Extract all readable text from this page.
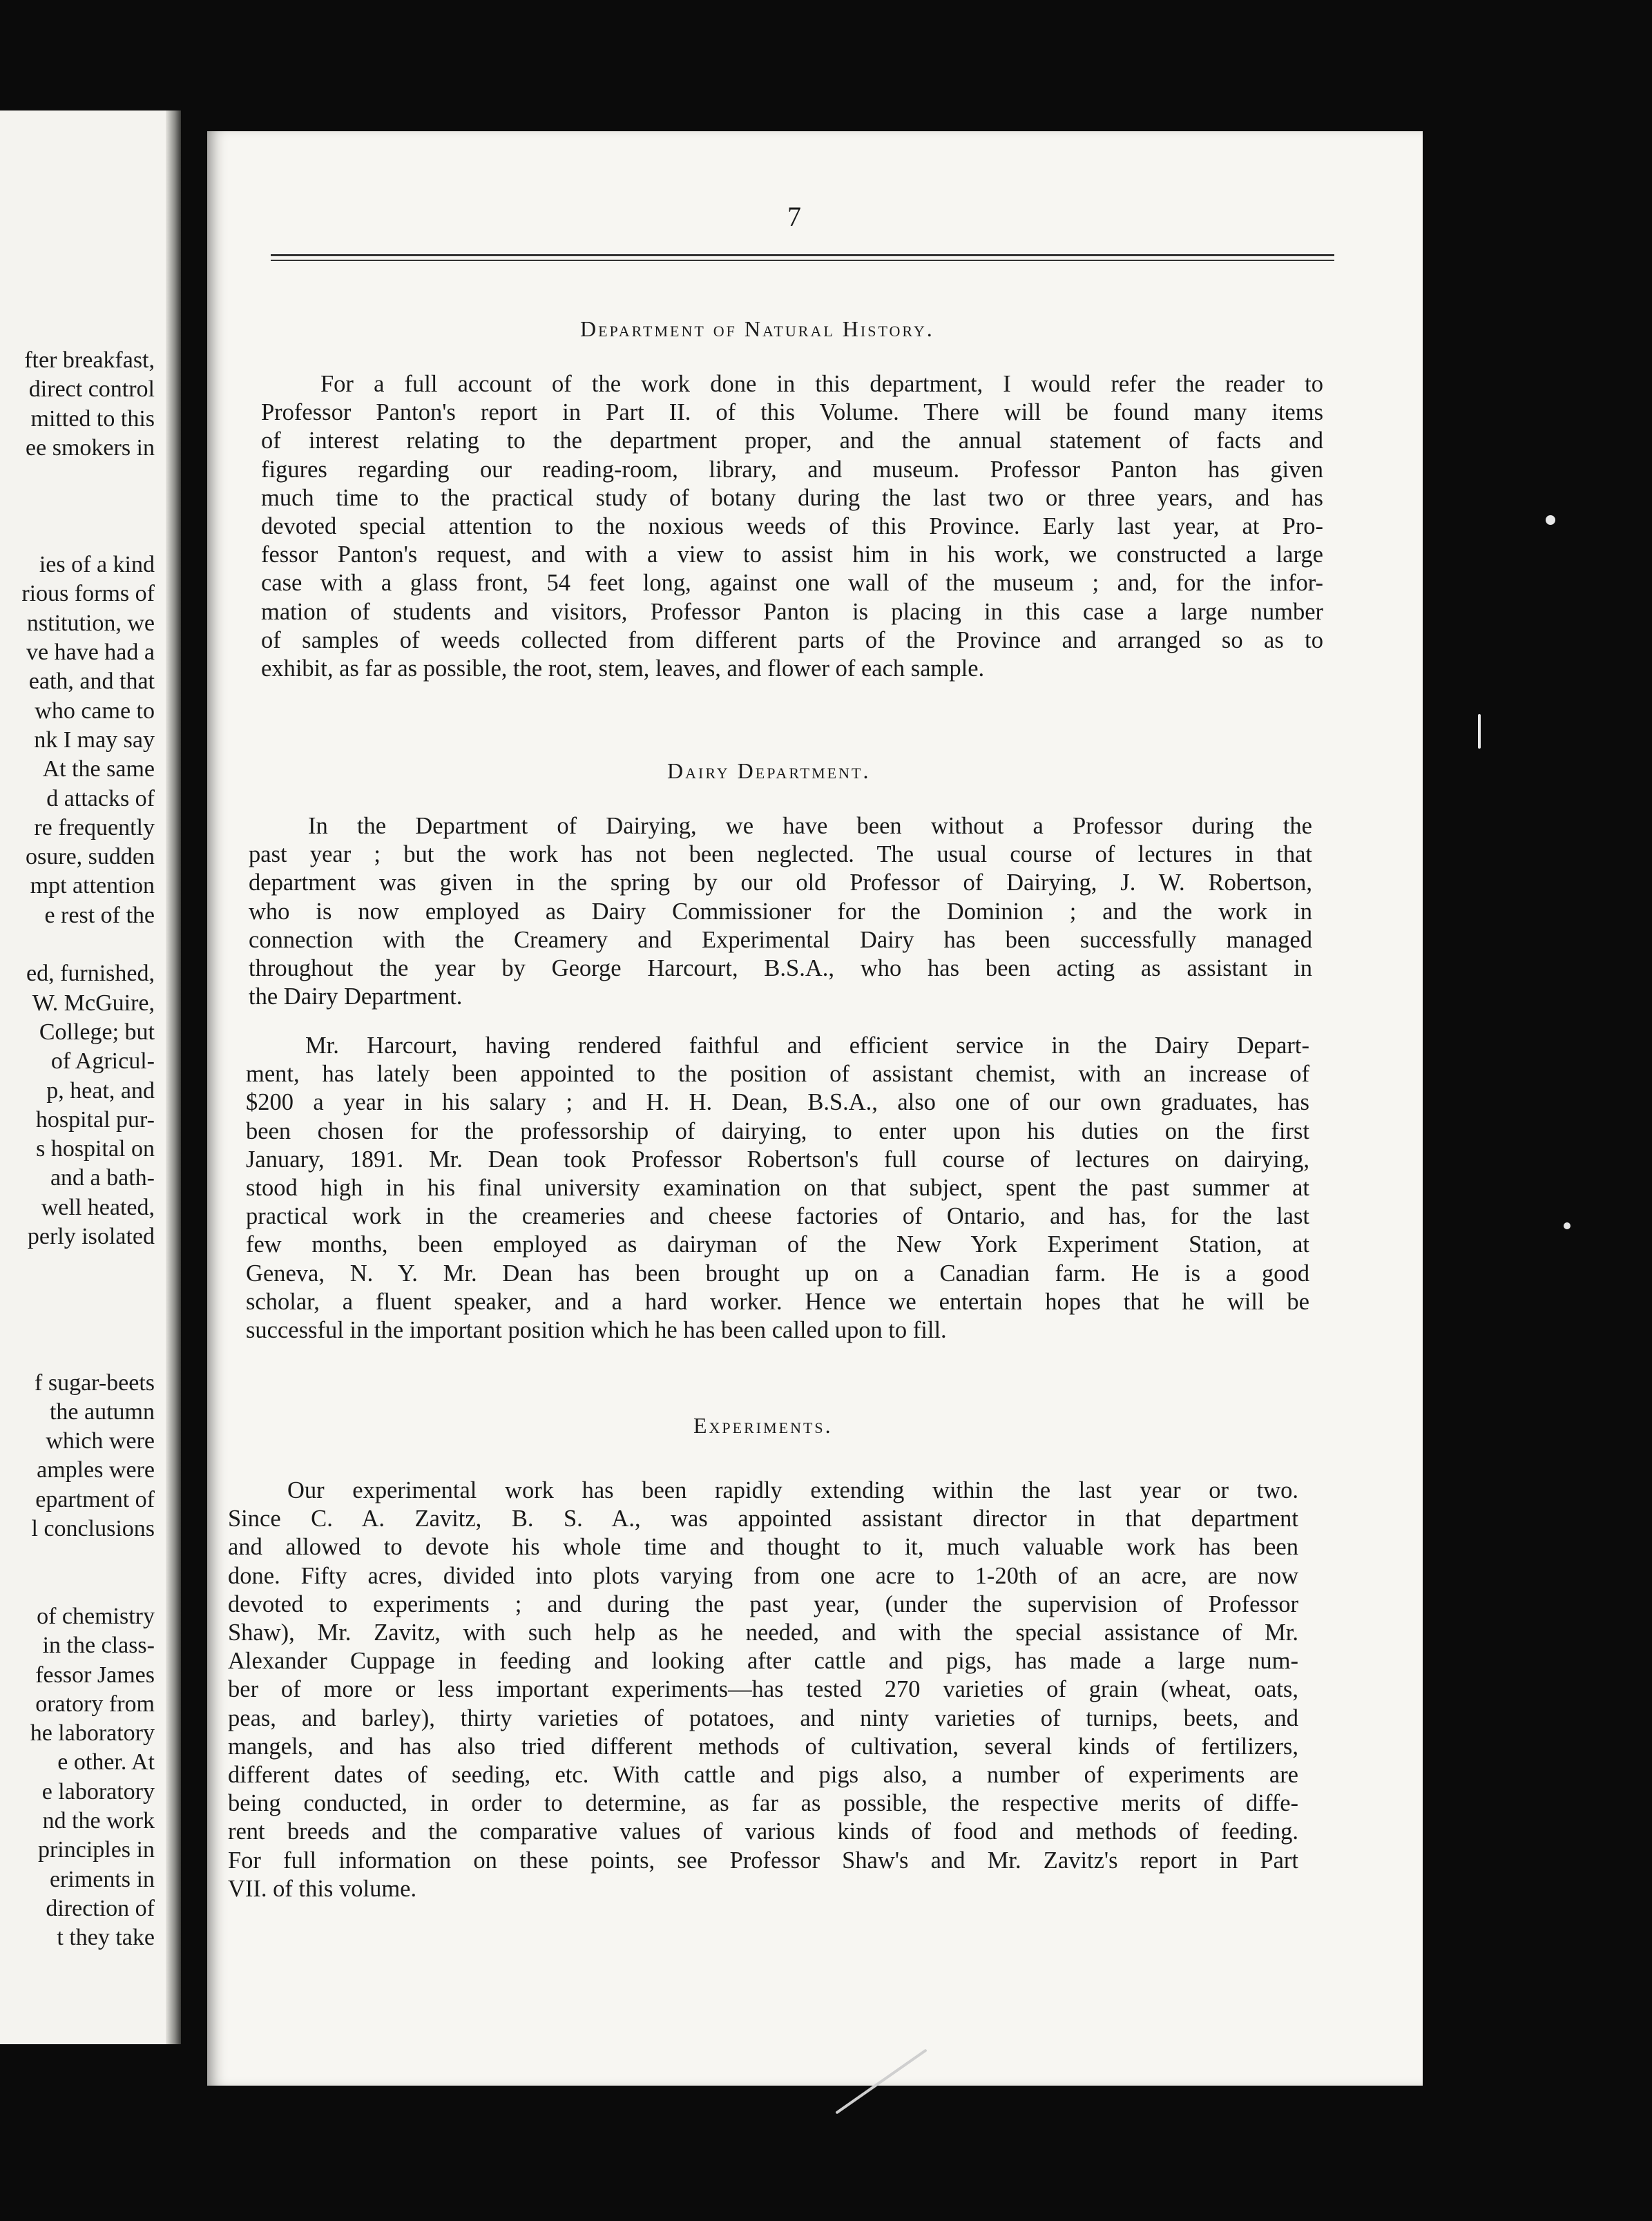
fter breakfast,
direct control
mitted to this
ee smokers in
ies of a kind
rious forms of
nstitution, we
ve have had a
eath, and that
who came to
nk I may say
At the same
d attacks of
re frequently
osure, sudden
mpt attention
e rest of the
ed, furnished,
W. McGuire,
College; but
of Agricul-
p, heat, and
hospital pur-
s hospital on
and a bath-
well heated,
perly isolated
f sugar-beets
the autumn
which were
amples were
epartment of
l conclusions
of chemistry
in the class-
fessor James
oratory from
he laboratory
e other. At
e laboratory
nd the work
principles in
eriments in
direction of
t they take
7
Department of Natural History.
For a full account of the work done in this department, I would refer the reader to
Professor Panton's report in Part II. of this Volume. There will be found many items
of interest relating to the department proper, and the annual statement of facts and
figures regarding our reading-room, library, and museum. Professor Panton has given
much time to the practical study of botany during the last two or three years, and has
devoted special attention to the noxious weeds of this Province. Early last year, at Pro-
fessor Panton's request, and with a view to assist him in his work, we constructed a large
case with a glass front, 54 feet long, against one wall of the museum ; and, for the infor-
mation of students and visitors, Professor Panton is placing in this case a large number
of samples of weeds collected from different parts of the Province and arranged so as to
exhibit, as far as possible, the root, stem, leaves, and flower of each sample.
Dairy Department.
In the Department of Dairying, we have been without a Professor during the
past year ; but the work has not been neglected. The usual course of lectures in that
department was given in the spring by our old Professor of Dairying, J. W. Robertson,
who is now employed as Dairy Commissioner for the Dominion ; and the work in
connection with the Creamery and Experimental Dairy has been successfully managed
throughout the year by George Harcourt, B.S.A., who has been acting as assistant in
the Dairy Department.
Mr. Harcourt, having rendered faithful and efficient service in the Dairy Depart-
ment, has lately been appointed to the position of assistant chemist, with an increase of
$200 a year in his salary ; and H. H. Dean, B.S.A., also one of our own graduates, has
been chosen for the professorship of dairying, to enter upon his duties on the first
January, 1891. Mr. Dean took Professor Robertson's full course of lectures on dairying,
stood high in his final university examination on that subject, spent the past summer at
practical work in the creameries and cheese factories of Ontario, and has, for the last
few months, been employed as dairyman of the New York Experiment Station, at
Geneva, N. Y. Mr. Dean has been brought up on a Canadian farm. He is a good
scholar, a fluent speaker, and a hard worker. Hence we entertain hopes that he will be
successful in the important position which he has been called upon to fill.
Experiments.
Our experimental work has been rapidly extending within the last year or two.
Since C. A. Zavitz, B. S. A., was appointed assistant director in that department
and allowed to devote his whole time and thought to it, much valuable work has been
done. Fifty acres, divided into plots varying from one acre to 1-20th of an acre, are now
devoted to experiments ; and during the past year, (under the supervision of Professor
Shaw), Mr. Zavitz, with such help as he needed, and with the special assistance of Mr.
Alexander Cuppage in feeding and looking after cattle and pigs, has made a large num-
ber of more or less important experiments—has tested 270 varieties of grain (wheat, oats,
peas, and barley), thirty varieties of potatoes, and ninty varieties of turnips, beets, and
mangels, and has also tried different methods of cultivation, several kinds of fertilizers,
different dates of seeding, etc. With cattle and pigs also, a number of experiments are
being conducted, in order to determine, as far as possible, the respective merits of diffe-
rent breeds and the comparative values of various kinds of food and methods of feeding.
For full information on these points, see Professor Shaw's and Mr. Zavitz's report in Part
VII. of this volume.
